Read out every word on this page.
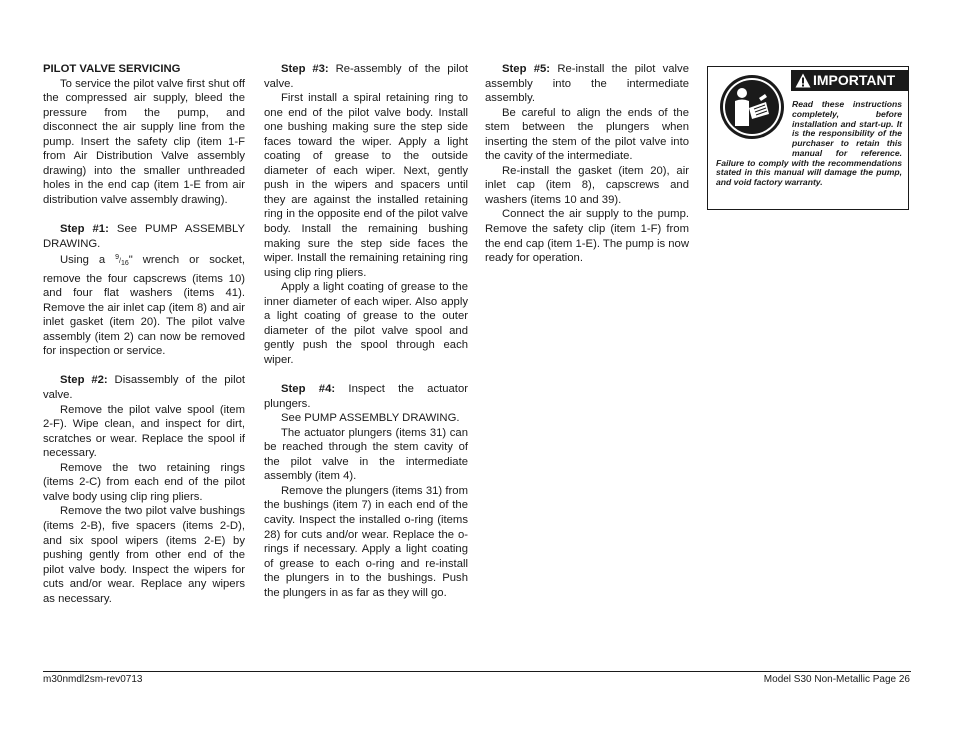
PILOT VALVE SERVICING

To service the pilot valve first shut off the compressed air supply, bleed the pressure from the pump, and disconnect the air supply line from the pump. Insert the safety clip (item 1-F from Air Distribution Valve assembly drawing) into the smaller unthreaded holes in the end cap (item 1-E from air distribution valve assembly drawing).

Step #1: See PUMP ASSEMBLY DRAWING.

Using a $^9/_{16}$" wrench or socket, remove the four capscrews (items 10) and four flat washers (items 41). Remove the air inlet cap (item 8) and air inlet gasket (item 20). The pilot valve assembly (item 2) can now be removed for inspection or service.

Step #2: Disassembly of the pilot valve.

Remove the pilot valve spool (item 2-F). Wipe clean, and inspect for dirt, scratches or wear. Replace the spool if necessary.

Remove the two retaining rings (items 2-C) from each end of the pilot valve body using clip ring pliers.

Remove the two pilot valve bushings (items 2-B), five spacers (items 2-D), and six spool wipers (items 2-E) by pushing gently from other end of the pilot valve body. Inspect the wipers for cuts and/or wear. Replace any wipers as necessary.

Step #3: Re-assembly of the pilot valve.

First install a spiral retaining ring to one end of the pilot valve body. Install one bushing making sure the step side faces toward the wiper. Apply a light coating of grease to the outside diameter of each wiper. Next, gently push in the wipers and spacers until they are against the installed retaining ring in the opposite end of the pilot valve body. Install the remaining bushing making sure the step side faces the wiper. Install the remaining retaining ring using clip ring pliers.

Apply a light coating of grease to the inner diameter of each wiper. Also apply a light coating of grease to the outer diameter of the pilot valve spool and gently push the spool through each wiper.

Step #4: Inspect the actuator plungers.

See PUMP ASSEMBLY DRAWING.

The actuator plungers (items 31) can be reached through the stem cavity of the pilot valve in the intermediate assembly (item 4).

Remove the plungers (items 31) from the bushings (item 7) in each end of the cavity. Inspect the installed o-ring (items 28) for cuts and/or wear. Replace the o-rings if necessary. Apply a light coating of grease to each o-ring and re-install the plungers in to the bushings. Push the plungers in as far as they will go.

Step #5: Re-install the pilot valve assembly into the intermediate assembly.

Be careful to align the ends of the stem between the plungers when inserting the stem of the pilot valve into the cavity of the intermediate.

Re-install the gasket (item 20), air inlet cap (item 8), capscrews and washers (items 10 and 39).

Connect the air supply to the pump. Remove the safety clip (item 1-F) from the end cap (item 1-E). The pump is now ready for operation.

IMPORTANT
Read these instructions completely, before installation and start-up. It is the responsibility of the purchaser to retain this manual for reference. Failure to comply with the recommendations stated in this manual will damage the pump, and void factory warranty.
m30nmdl2sm-rev0713	Model S30 Non-Metallic Page 26
